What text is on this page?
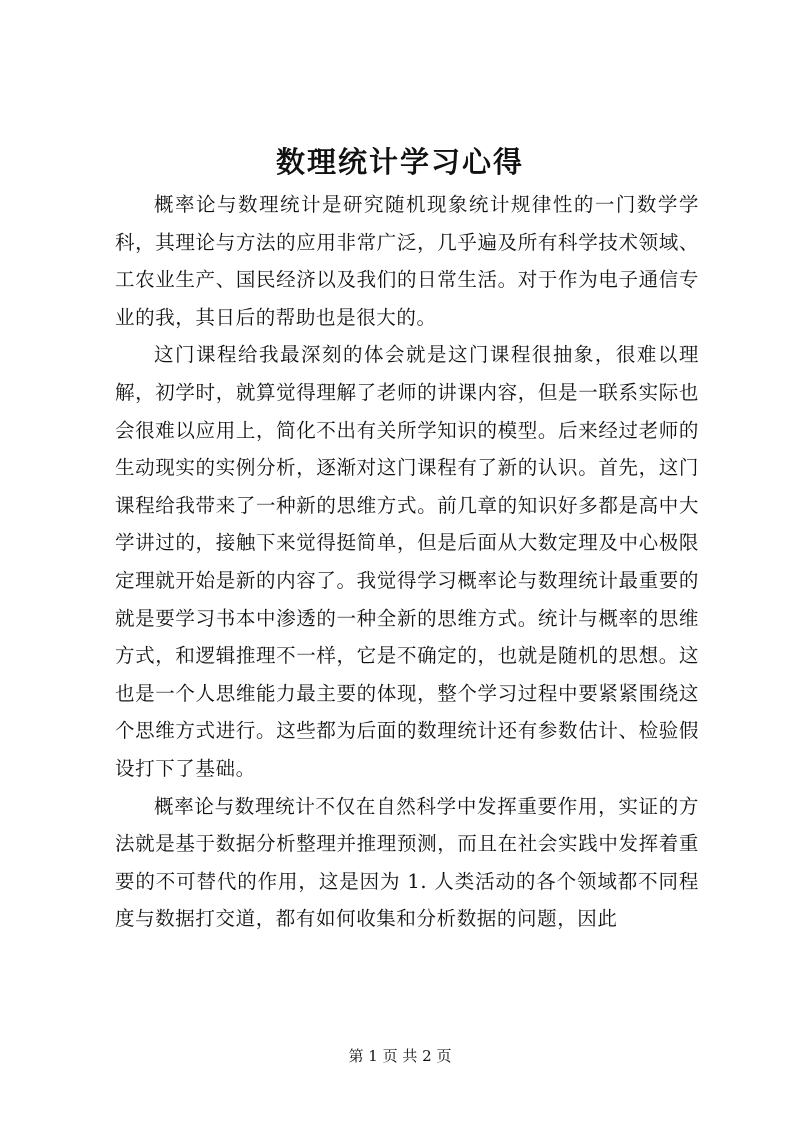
数理统计学习心得

概率论与数理统计是研究随机现象统计规律性的一门数学学科，其理论与方法的应用非常广泛，几乎遍及所有科学技术领域、工农业生产、国民经济以及我们的日常生活。对于作为电子通信专业的我，其日后的帮助也是很大的。

这门课程给我最深刻的体会就是这门课程很抽象，很难以理解，初学时，就算觉得理解了老师的讲课内容，但是一联系实际也会很难以应用上，简化不出有关所学知识的模型。后来经过老师的生动现实的实例分析，逐渐对这门课程有了新的认识。首先，这门课程给我带来了一种新的思维方式。前几章的知识好多都是高中大学讲过的，接触下来觉得挺简单，但是后面从大数定理及中心极限定理就开始是新的内容了。我觉得学习概率论与数理统计最重要的就是要学习书本中渗透的一种全新的思维方式。统计与概率的思维方式，和逻辑推理不一样，它是不确定的，也就是随机的思想。这也是一个人思维能力最主要的体现，整个学习过程中要紧紧围绕这个思维方式进行。这些都为后面的数理统计还有参数估计、检验假设打下了基础。

概率论与数理统计不仅在自然科学中发挥重要作用，实证的方法就是基于数据分析整理并推理预测，而且在社会实践中发挥着重要的不可替代的作用，这是因为 1. 人类活动的各个领域都不同程度与数据打交道，都有如何收集和分析数据的问题，因此

第 1 页 共 2 页
